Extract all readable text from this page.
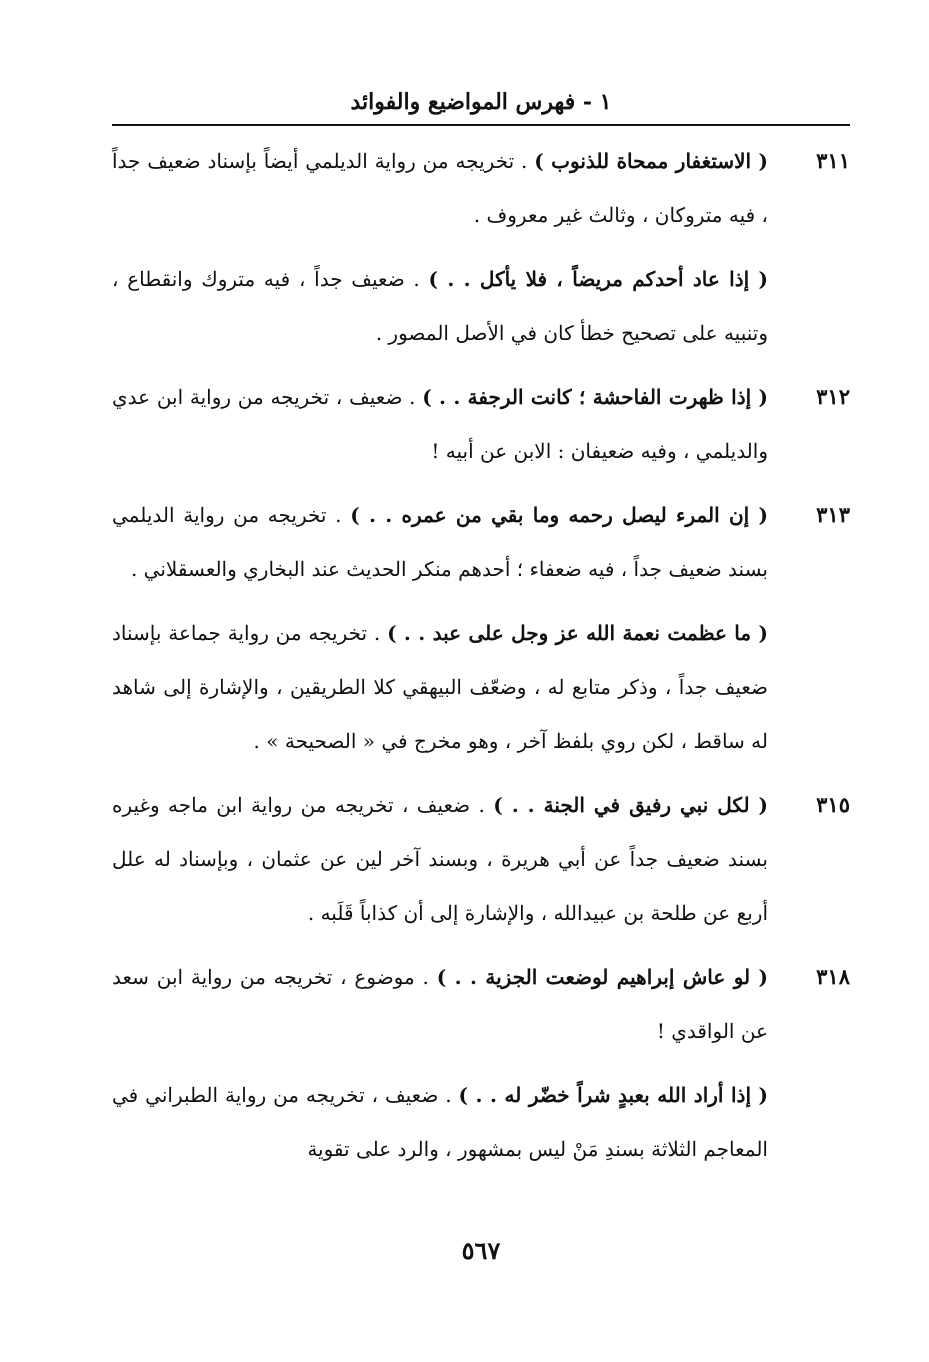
١ - فهرس المواضيع والفوائد
٣١١
( الاستغفار ممحاة للذنوب ) . تخريجه من رواية الديلمي أيضاً بإسناد ضعيف جداً ، فيه متروكان ، وثالث غير معروف .
( إذا عاد أحدكم مريضاً ، فلا يأكل . . ) . ضعيف جداً ، فيه متروك وانقطاع ، وتنبيه على تصحيح خطأ كان في الأصل المصور .
٣١٢
( إذا ظهرت الفاحشة ؛ كانت الرجفة . . ) . ضعيف ، تخريجه من رواية ابن عدي والديلمي ، وفيه ضعيفان : الابن عن أبيه !
٣١٣
( إن المرء ليصل رحمه وما بقي من عمره . . ) . تخريجه من رواية الديلمي بسند ضعيف جداً ، فيه ضعفاء ؛ أحدهم منكر الحديث عند البخاري والعسقلاني .
( ما عظمت نعمة الله عز وجل على عبد . . ) . تخريجه من رواية جماعة بإسناد ضعيف جداً ، وذكر متابع له ، وضعّف البيهقي كلا الطريقين ، والإشارة إلى شاهد له ساقط ، لكن روي بلفظ آخر ، وهو مخرج في « الصحيحة » .
٣١٥
( لكل نبي رفيق في الجنة . . ) . ضعيف ، تخريجه من رواية ابن ماجه وغيره بسند ضعيف جداً عن أبي هريرة ، وبسند آخر لين عن عثمان ، وبإسناد له علل أربع عن طلحة بن عبيدالله ، والإشارة إلى أن كذاباً قَلَبه .
٣١٨
( لو عاش إبراهيم لوضعت الجزية . . ) . موضوع ، تخريجه من رواية ابن سعد عن الواقدي !
( إذا أراد الله بعبدٍ شراً خضّر له . . ) . ضعيف ، تخريجه من رواية الطبراني في المعاجم الثلاثة بسندِ مَنْ ليس بمشهور ، والرد على تقوية
٥٦٧
